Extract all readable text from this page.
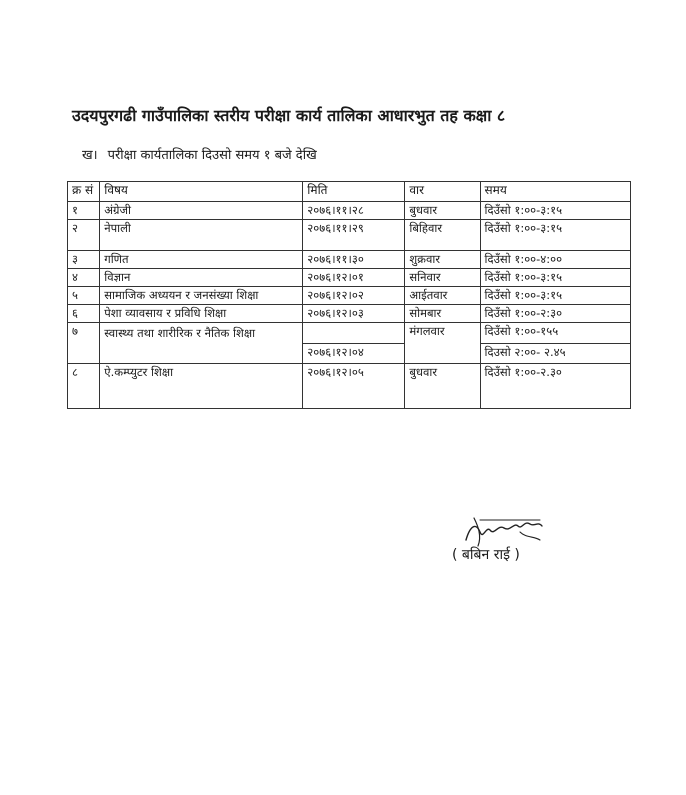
उदयपुरगढी गाउँपालिका स्तरीय परीक्षा कार्य तालिका आधारभुत तह कक्षा ८
ख। परीक्षा कार्यतालिका दिउसो समय १ बजे देखि
क्र सं	विषय	मिति	वार	समय
१	अंग्रेजी	२०७६।११।२८	बुधवार	दिउँसो १:००-३:१५
२	नेपाली	२०७६।११।२९	बिहिवार	दिउँसो १:००-३:१५
३	गणित	२०७६।११।३०	शुक्रवार	दिउँसो १:००-४:००
४	विज्ञान	२०७६।१२।०१	सनिवार	दिउँसो १:००-३:१५
५	सामाजिक अध्ययन र जनसंख्या शिक्षा	२०७६।१२।०२	आईतवार	दिउँसो १:००-३:१५
६	पेशा व्यावसाय र प्रविधि शिक्षा	२०७६।१२।०३	सोमबार	दिउँसो १:००-२:३०
७	स्वास्थ्य तथा शारीरिक र नैतिक शिक्षा		मंगलवार	दिउँसो १:००-१५५
		२०७६।१२।०४		दिउसो २:००- २.४५
८	ऐ.कम्प्युटर शिक्षा	२०७६।१२।०५	बुधवार	दिउँसो १:००-२.३०
( बबिन राई )
